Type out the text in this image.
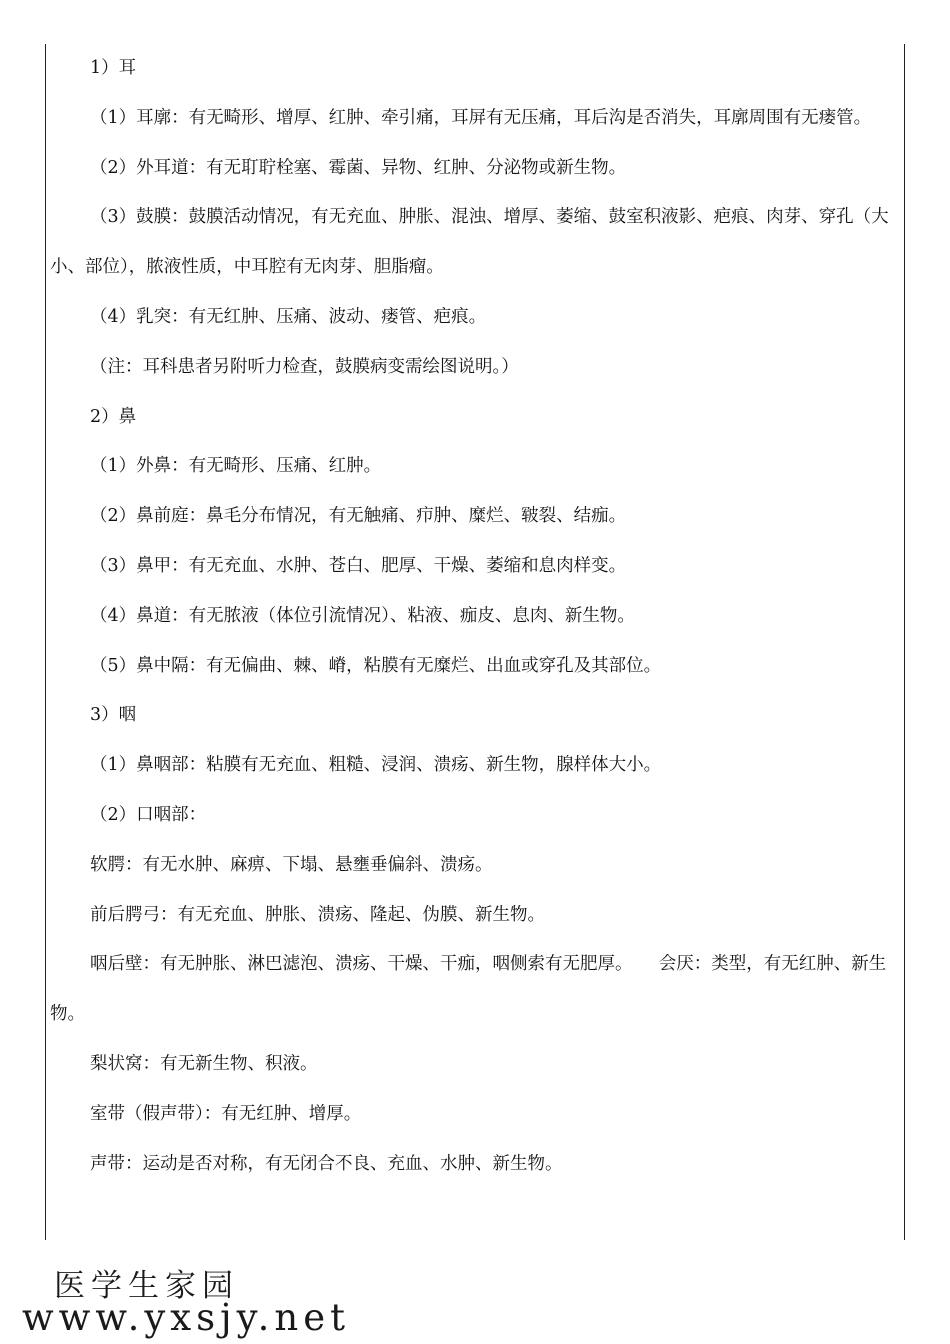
1）耳

（1）耳廓：有无畸形、增厚、红肿、牵引痛，耳屏有无压痛，耳后沟是否消失，耳廓周围有无瘘管。

（2）外耳道：有无耵聍栓塞、霉菌、异物、红肿、分泌物或新生物。

（3）鼓膜：鼓膜活动情况，有无充血、肿胀、混浊、增厚、萎缩、鼓室积液影、疤痕、肉芽、穿孔（大小、部位），脓液性质，中耳腔有无肉芽、胆脂瘤。

（4）乳突：有无红肿、压痛、波动、瘘管、疤痕。

（注：耳科患者另附听力检查，鼓膜病变需绘图说明。）

2）鼻

（1）外鼻：有无畸形、压痛、红肿。

（2）鼻前庭：鼻毛分布情况，有无触痛、疖肿、糜烂、皲裂、结痂。

（3）鼻甲：有无充血、水肿、苍白、肥厚、干燥、萎缩和息肉样变。

（4）鼻道：有无脓液（体位引流情况）、粘液、痂皮、息肉、新生物。

（5）鼻中隔：有无偏曲、棘、嵴，粘膜有无糜烂、出血或穿孔及其部位。

3）咽

（1）鼻咽部：粘膜有无充血、粗糙、浸润、溃疡、新生物，腺样体大小。

（2）口咽部：

软腭：有无水肿、麻痹、下塌、悬壅垂偏斜、溃疡。

前后腭弓：有无充血、肿胀、溃疡、隆起、伪膜、新生物。

咽后壁：有无肿胀、淋巴滤泡、溃疡、干燥、干痂，咽侧索有无肥厚。　　会厌：类型，有无红肿、新生物。

梨状窝：有无新生物、积液。

室带（假声带）：有无红肿、增厚。

声带：运动是否对称，有无闭合不良、充血、水肿、新生物。

医学生家园
www.yxsjy.net
